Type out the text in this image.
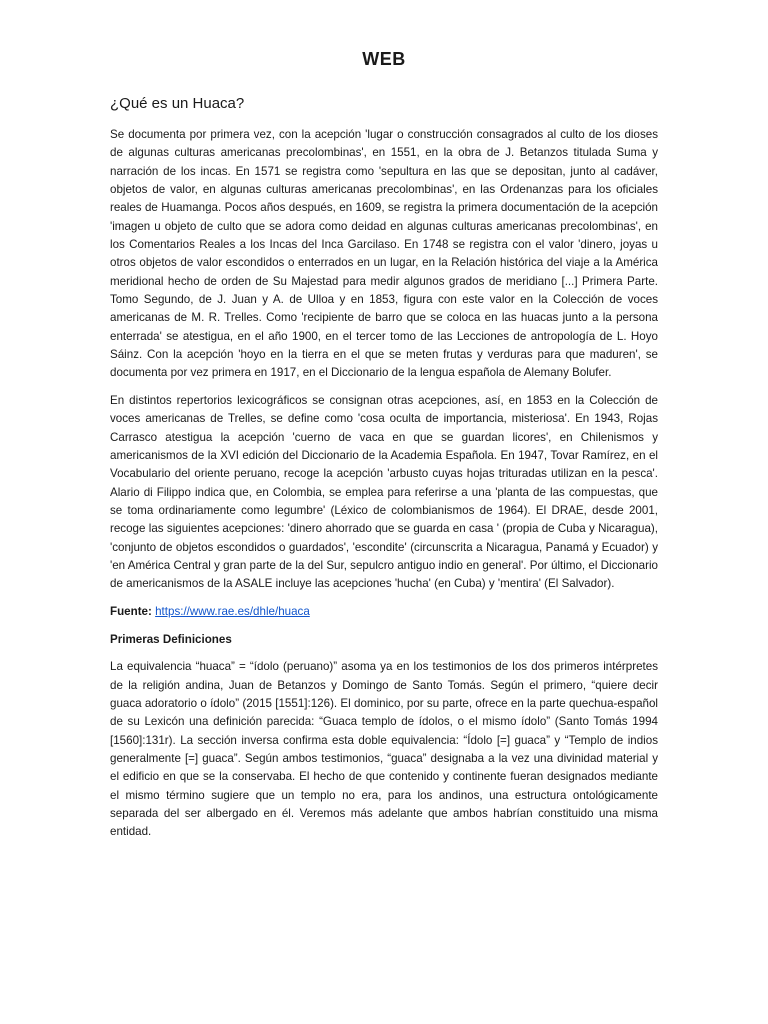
WEB
¿Qué es un Huaca?

Se documenta por primera vez, con la acepción 'lugar o construcción consagrados al culto de los dioses de algunas culturas americanas precolombinas', en 1551, en la obra de J. Betanzos titulada Suma y narración de los incas. En 1571 se registra como 'sepultura en las que se depositan, junto al cadáver, objetos de valor, en algunas culturas americanas precolombinas', en las Ordenanzas para los oficiales reales de Huamanga. Pocos años después, en 1609, se registra la primera documentación de la acepción 'imagen u objeto de culto que se adora como deidad en algunas culturas americanas precolombinas', en los Comentarios Reales a los Incas del Inca Garcilaso. En 1748 se registra con el valor 'dinero, joyas u otros objetos de valor escondidos o enterrados en un lugar, en la Relación histórica del viaje a la América meridional hecho de orden de Su Majestad para medir algunos grados de meridiano [...] Primera Parte. Tomo Segundo, de J. Juan y A. de Ulloa y en 1853, figura con este valor en la Colección de voces americanas de M. R. Trelles. Como 'recipiente de barro que se coloca en las huacas junto a la persona enterrada' se atestigua, en el año 1900, en el tercer tomo de las Lecciones de antropología de L. Hoyo Sáinz. Con la acepción 'hoyo en la tierra en el que se meten frutas y verduras para que maduren', se documenta por vez primera en 1917, en el Diccionario de la lengua española de Alemany Bolufer.

En distintos repertorios lexicográficos se consignan otras acepciones, así, en 1853 en la Colección de voces americanas de Trelles, se define como 'cosa oculta de importancia, misteriosa'. En 1943, Rojas Carrasco atestigua la acepción 'cuerno de vaca en que se guardan licores', en Chilenismos y americanismos de la XVI edición del Diccionario de la Academia Española. En 1947, Tovar Ramírez, en el Vocabulario del oriente peruano, recoge la acepción 'arbusto cuyas hojas trituradas utilizan en la pesca'. Alario di Filippo indica que, en Colombia, se emplea para referirse a una 'planta de las compuestas, que se toma ordinariamente como legumbre' (Léxico de colombianismos de 1964). El DRAE, desde 2001, recoge las siguientes acepciones: 'dinero ahorrado que se guarda en casa ' (propia de Cuba y Nicaragua), 'conjunto de objetos escondidos o guardados', 'escondite' (circunscrita a Nicaragua, Panamá y Ecuador) y 'en América Central y gran parte de la del Sur, sepulcro antiguo indio en general'. Por último, el Diccionario de americanismos de la ASALE incluye las acepciones 'hucha' (en Cuba) y 'mentira' (El Salvador).

Fuente: https://www.rae.es/dhle/huaca

Primeras Definiciones

La equivalencia “huaca” = “ídolo (peruano)” asoma ya en los testimonios de los dos primeros intérpretes de la religión andina, Juan de Betanzos y Domingo de Santo Tomás. Según el primero, “quiere decir guaca adoratorio o ídolo” (2015 [1551]:126). El dominico, por su parte, ofrece en la parte quechua-español de su Lexicón una definición parecida: “Guaca templo de ídolos, o el mismo ídolo” (Santo Tomás 1994 [1560]:131r). La sección inversa confirma esta doble equivalencia: “Ídolo [=] guaca” y “Templo de indios generalmente [=] guaca”. Según ambos testimonios, “guaca” designaba a la vez una divinidad material y el edificio en que se la conservaba. El hecho de que contenido y continente fueran designados mediante el mismo término sugiere que un templo no era, para los andinos, una estructura ontológicamente separada del ser albergado en él. Veremos más adelante que ambos habrían constituido una misma entidad.
